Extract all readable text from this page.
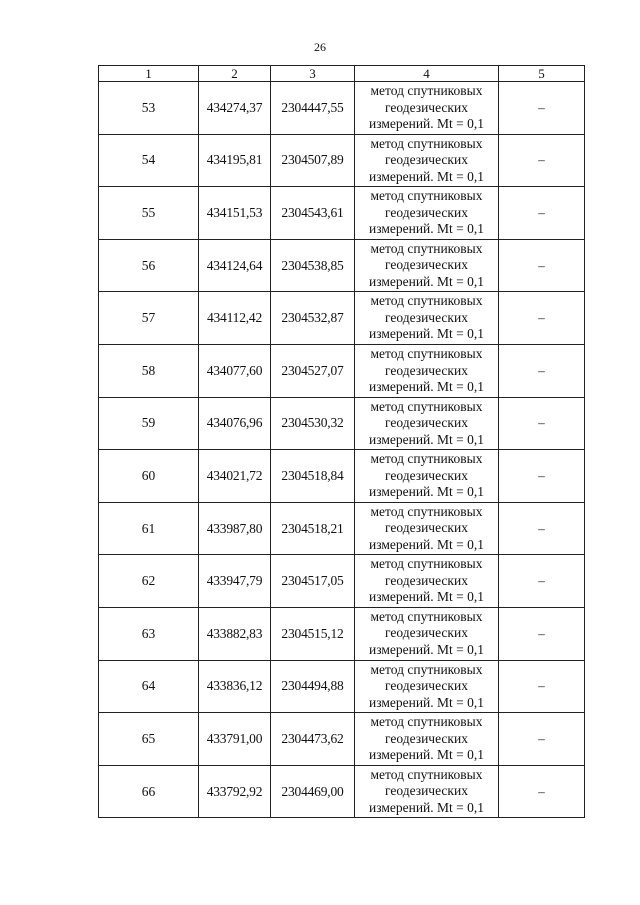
26
1	2	3	4	5
53	434274,37	2304447,55	метод спутниковых
геодезических
измерений. Mt = 0,1	–
54	434195,81	2304507,89	метод спутниковых
геодезических
измерений. Mt = 0,1	–
55	434151,53	2304543,61	метод спутниковых
геодезических
измерений. Mt = 0,1	–
56	434124,64	2304538,85	метод спутниковых
геодезических
измерений. Mt = 0,1	–
57	434112,42	2304532,87	метод спутниковых
геодезических
измерений. Mt = 0,1	–
58	434077,60	2304527,07	метод спутниковых
геодезических
измерений. Mt = 0,1	–
59	434076,96	2304530,32	метод спутниковых
геодезических
измерений. Mt = 0,1	–
60	434021,72	2304518,84	метод спутниковых
геодезических
измерений. Mt = 0,1	–
61	433987,80	2304518,21	метод спутниковых
геодезических
измерений. Mt = 0,1	–
62	433947,79	2304517,05	метод спутниковых
геодезических
измерений. Mt = 0,1	–
63	433882,83	2304515,12	метод спутниковых
геодезических
измерений. Mt = 0,1	–
64	433836,12	2304494,88	метод спутниковых
геодезических
измерений. Mt = 0,1	–
65	433791,00	2304473,62	метод спутниковых
геодезических
измерений. Mt = 0,1	–
66	433792,92	2304469,00	метод спутниковых
геодезических
измерений. Mt = 0,1	–
